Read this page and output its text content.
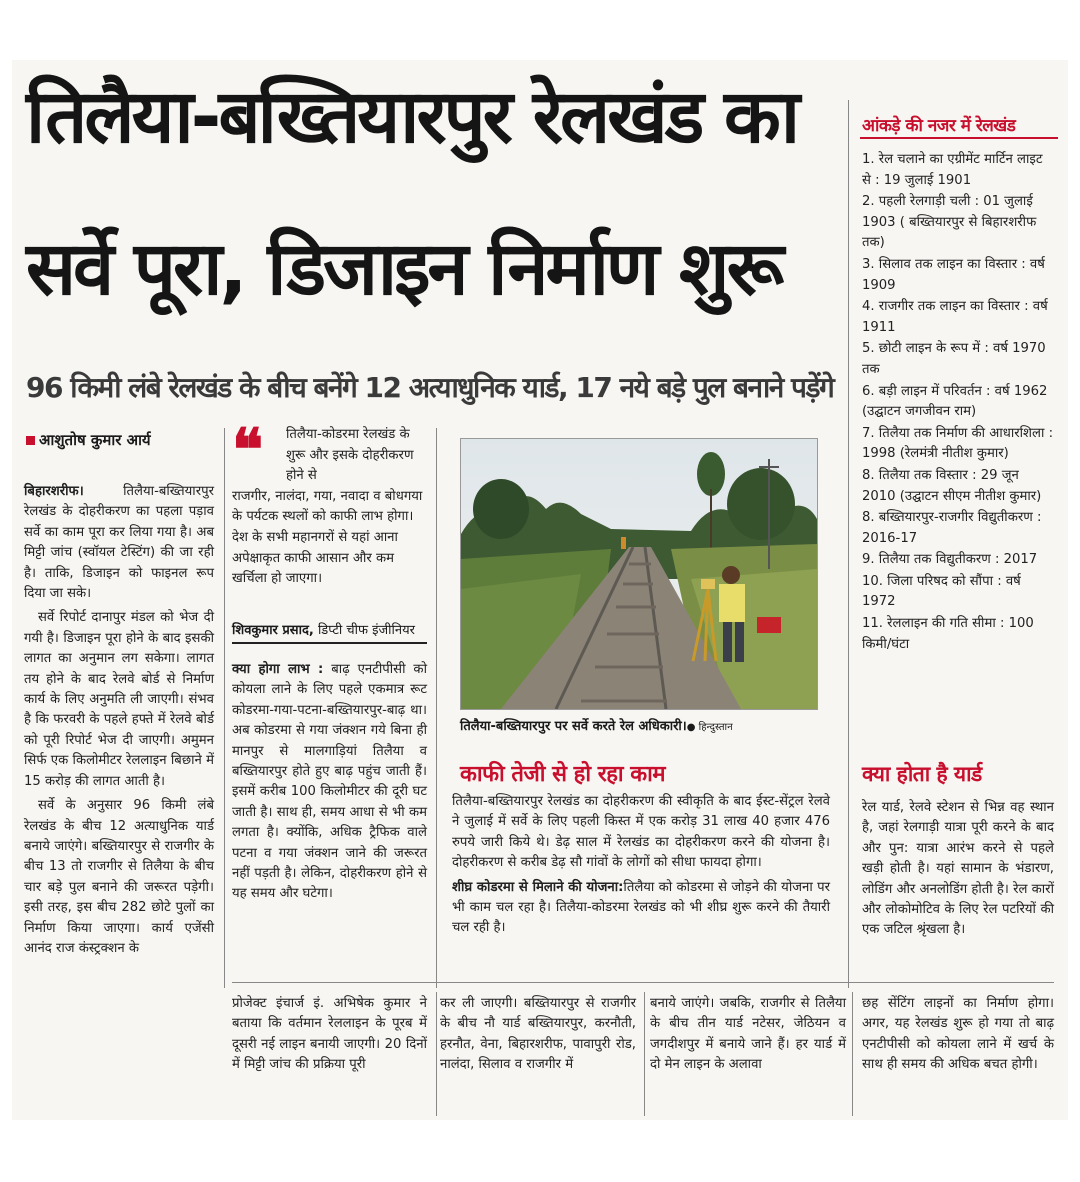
तिलैया-बख्तियारपुर रेलखंड का
सर्वे पूरा, डिजाइन निर्माण शुरू
96 किमी लंबे रेलखंड के बीच बनेंगे 12 अत्याधुनिक यार्ड, 17 नये बड़े पुल बनाने पड़ेंगे
आशुतोष कुमार आर्य

बिहारशरीफ।	तिलैया-बख्तियारपुर रेलखंड के दोहरीकरण का पहला पड़ाव सर्वे का काम पूरा कर लिया गया है। अब मिट्टी जांच (स्वॉयल टेस्टिंग) की जा रही है। ताकि, डिजाइन को फाइनल रूप दिया जा सके।

सर्वे रिपोर्ट दानापुर मंडल को भेज दी गयी है। डिजाइन पूरा होने के बाद इसकी लागत का अनुमान लग सकेगा। लागत तय होने के बाद रेलवे बोर्ड से निर्माण कार्य के लिए अनुमति ली जाएगी। संभव है कि फरवरी के पहले हफ्ते में रेलवे बोर्ड को पूरी रिपोर्ट भेज दी जाएगी। अमुमन सिर्फ एक किलोमीटर रेललाइन बिछाने में 15 करोड़ की लागत आती है।

सर्वे के अनुसार 96 किमी लंबे रेलखंड के बीच 12 अत्याधुनिक यार्ड बनाये जाएंगे। बख्तियारपुर से राजगीर के बीच 13 तो राजगीर से तिलैया के बीच चार बड़े पुल बनाने की जरूरत पड़ेगी। इसी तरह, इस बीच 282 छोटे पुलों का निर्माण किया जाएगा। कार्य एजेंसी आनंद राज कंस्ट्रक्शन के

❝	तिलैया-कोडरमा रेलखंड के शुरू और इसके दोहरीकरण होने से
राजगीर, नालंदा, गया, नवादा व बोधगया के पर्यटक स्थलों को काफी लाभ होगा। देश के सभी महानगरों से यहां आना अपेक्षाकृत काफी आसान और कम खर्चिला हो जाएगा।
शिवकुमार प्रसाद, डिप्टी चीफ इंजीनियर

क्या होगा लाभ : बाढ़ एनटीपीसी को कोयला लाने के लिए पहले एकमात्र रूट कोडरमा-गया-पटना-बख्तियारपुर-बाढ़ था। अब कोडरमा से गया जंक्शन गये बिना ही मानपुर से मालगाड़ियां तिलैया व बख्तियारपुर होते हुए बाढ़ पहुंच जाती हैं। इसमें करीब 100 किलोमीटर की दूरी घट जाती है। साथ ही, समय आधा से भी कम लगता है। क्योंकि, अधिक ट्रैफिक वाले पटना व गया जंक्शन जाने की जरूरत नहीं पड़ती है। लेकिन, दोहरीकरण होने से यह समय और घटेगा।

तिलैया-बख्तियारपुर पर सर्वे करते रेल अधिकारी।● हिन्दुस्तान
काफी तेजी से हो रहा काम

तिलैया-बख्तियारपुर रेलखंड का दोहरीकरण की स्वीकृति के बाद ईस्ट-सेंट्रल रेलवे ने जुलाई में सर्वे के लिए पहली किस्त में एक करोड़ 31 लाख 40 हजार 476 रुपये जारी किये थे। डेढ़ साल में रेलखंड का दोहरीकरण करने की योजना है। दोहरीकरण से करीब डेढ़ सौ गांवों के लोगों को सीधा फायदा होगा।

शीघ्र कोडरमा से मिलाने की योजना:तिलैया को कोडरमा से जोड़ने की योजना पर भी काम चल रहा है। तिलैया-कोडरमा रेलखंड को भी शीघ्र शुरू करने की तैयारी चल रही है।

आंकड़े की नजर में रेलखंड
1. रेल चलाने का एग्रीमेंट मार्टिन लाइट से : 19 जुलाई 1901
2. पहली रेलगाड़ी चली : 01 जुलाई 1903 ( बख्तियारपुर से बिहारशरीफ तक)
3. सिलाव तक लाइन का विस्तार : वर्ष 1909
4. राजगीर तक लाइन का विस्तार : वर्ष 1911
5. छोटी लाइन के रूप में : वर्ष 1970 तक
6. बड़ी लाइन में परिवर्तन : वर्ष 1962 (उद्घाटन जगजीवन राम)
7. तिलैया तक निर्माण की आधारशिला : 1998 (रेलमंत्री नीतीश कुमार)
8. तिलैया तक विस्तार : 29 जून 2010 (उद्घाटन सीएम नीतीश कुमार)
8. बख्तियारपुर-राजगीर विद्युतीकरण : 2016-17
9. तिलैया तक विद्युतीकरण : 2017
10. जिला परिषद को सौंपा : वर्ष 1972
11. रेललाइन की गति सीमा : 100 किमी/घंटा
क्या होता है यार्ड

रेल यार्ड, रेलवे स्टेशन से भिन्न वह स्थान है, जहां रेलगाड़ी यात्रा पूरी करने के बाद और पुन: यात्रा आरंभ करने से पहले खड़ी होती है। यहां सामान के भंडारण, लोडिंग और अनलोडिंग होती है। रेल कारों और लोकोमोटिव के लिए रेल पटरियों की एक जटिल श्रृंखला है।

प्रोजेक्ट इंचार्ज इं. अभिषेक कुमार ने बताया कि वर्तमान रेललाइन के पूरब में दूसरी नई लाइन बनायी जाएगी। 20 दिनों में मिट्टी जांच की प्रक्रिया पूरी
कर ली जाएगी। बख्तियारपुर से राजगीर के बीच नौ यार्ड बख्तियारपुर, करनौती, हरनौत, वेना, बिहारशरीफ, पावापुरी रोड, नालंदा, सिलाव व राजगीर में
बनाये जाएंगे। जबकि, राजगीर से तिलैया के बीच तीन यार्ड नटेसर, जेठियन व जगदीशपुर में बनाये जाने हैं। हर यार्ड में दो मेन लाइन के अलावा
छह सेंटिंग लाइनों का निर्माण होगा। अगर, यह रेलखंड शुरू हो गया तो बाढ़ एनटीपीसी को कोयला लाने में खर्च के साथ ही समय की अधिक बचत होगी।
